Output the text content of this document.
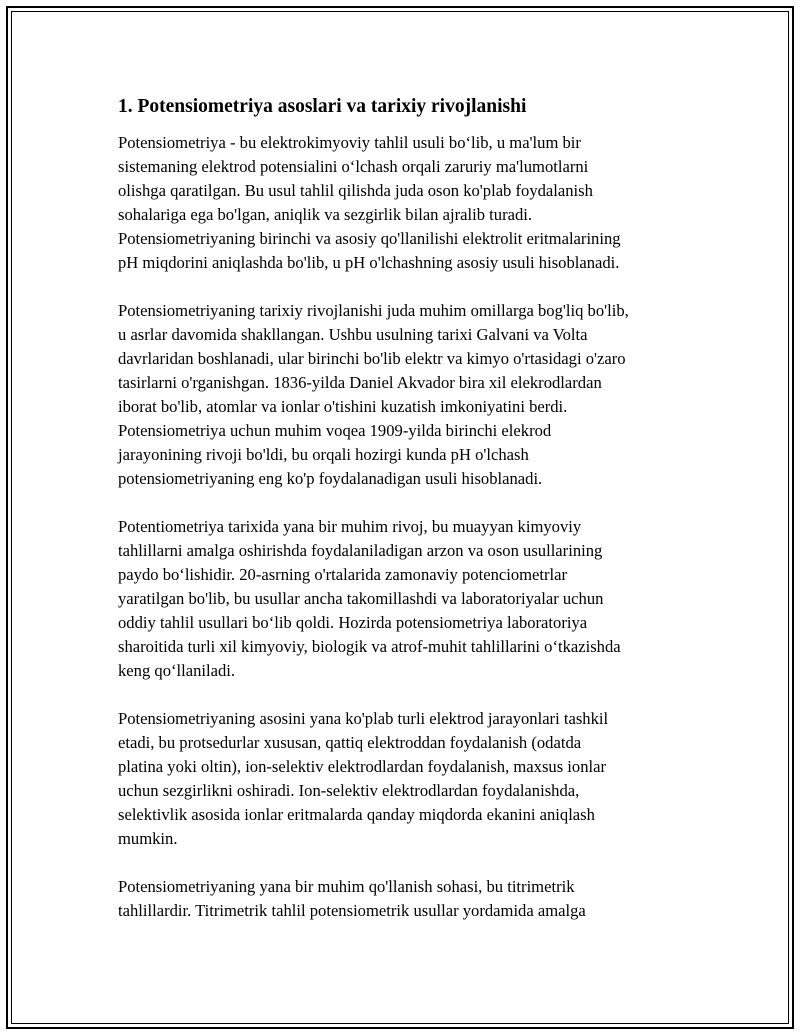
1. Potensiometriya asoslari va tarixiy rivojlanishi

Potensiometriya - bu elektrokimyoviy tahlil usuli bo‘lib, u ma'lum bir
sistemaning elektrod potensialini o‘lchash orqali zaruriy ma'lumotlarni
olishga qaratilgan. Bu usul tahlil qilishda juda oson ko'plab foydalanish
sohalariga ega bo'lgan, aniqlik va sezgirlik bilan ajralib turadi.
Potensiometriyaning birinchi va asosiy qo'llanilishi elektrolit eritmalarining
pH miqdorini aniqlashda bo'lib, u pH o'lchashning asosiy usuli hisoblanadi.

Potensiometriyaning tarixiy rivojlanishi juda muhim omillarga bog'liq bo'lib,
u asrlar davomida shakllangan. Ushbu usulning tarixi Galvani va Volta
davrlaridan boshlanadi, ular birinchi bo'lib elektr va kimyo o'rtasidagi o'zaro
tasirlarni o'rganishgan. 1836-yilda Daniel Akvador bira xil elekrodlardan
iborat bo'lib, atomlar va ionlar o'tishini kuzatish imkoniyatini berdi.
Potensiometriya uchun muhim voqea 1909-yilda birinchi elekrod
jarayonining rivoji bo'ldi, bu orqali hozirgi kunda pH o'lchash
potensiometriyaning eng ko'p foydalanadigan usuli hisoblanadi.

Potentiometriya tarixida yana bir muhim rivoj, bu muayyan kimyoviy
tahlillarni amalga oshirishda foydalaniladigan arzon va oson usullarining
paydo bo‘lishidir. 20-asrning o'rtalarida zamonaviy potenciometrlar
yaratilgan bo'lib, bu usullar ancha takomillashdi va laboratoriyalar uchun
oddiy tahlil usullari bo‘lib qoldi. Hozirda potensiometriya laboratoriya
sharoitida turli xil kimyoviy, biologik va atrof-muhit tahlillarini o‘tkazishda
keng qo‘llaniladi.

Potensiometriyaning asosini yana ko'plab turli elektrod jarayonlari tashkil
etadi, bu protsedurlar xususan, qattiq elektroddan foydalanish (odatda
platina yoki oltin), ion-selektiv elektrodlardan foydalanish, maxsus ionlar
uchun sezgirlikni oshiradi. Ion-selektiv elektrodlardan foydalanishda,
selektivlik asosida ionlar eritmalarda qanday miqdorda ekanini aniqlash
mumkin.

Potensiometriyaning yana bir muhim qo'llanish sohasi, bu titrimetrik
tahlillardir. Titrimetrik tahlil potensiometrik usullar yordamida amalga
